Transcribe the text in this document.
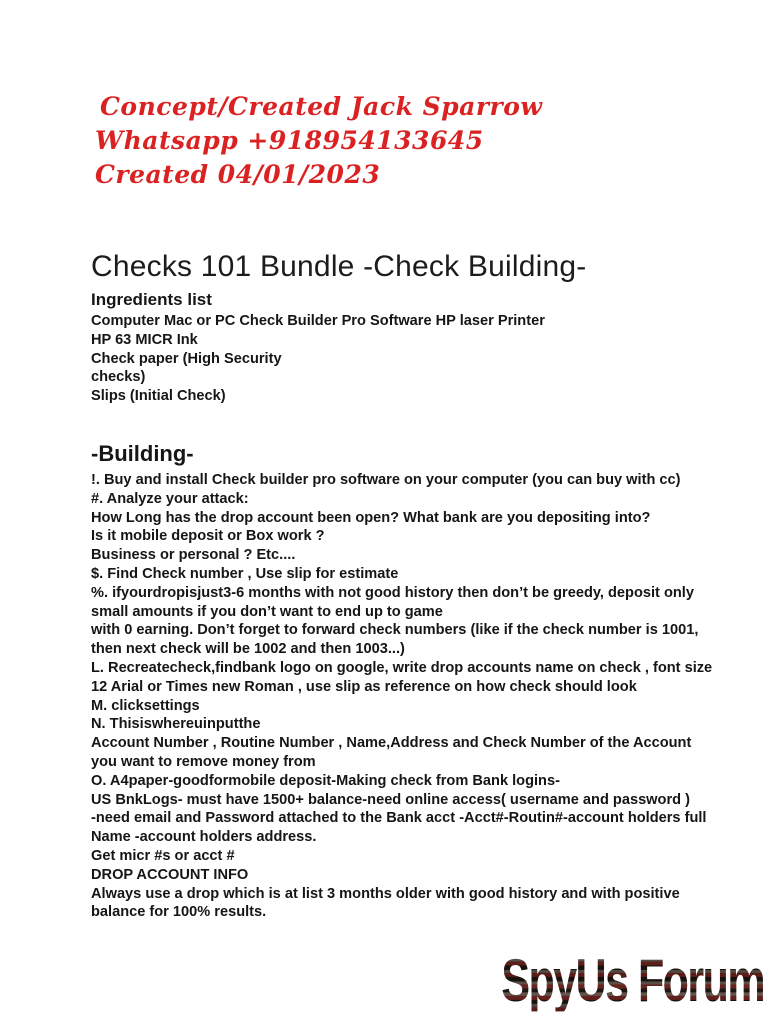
Concept/Created Jack Sparrow
Whatsapp +918954133645
Created 04/01/2023
Checks 101 Bundle -Check Building-
Ingredients list
Computer Mac or PC Check Builder Pro Software HP laser Printer
HP 63 MICR Ink
Check paper (High Security
checks)
Slips (Initial Check)
-Building-
!. Buy and install Check builder pro software on your computer (you can buy with cc)
#. Analyze your attack:
How Long has the drop account been open? What bank are you depositing into?
Is it mobile deposit or Box work ?
Business or personal ? Etc....
$. Find Check number , Use slip for estimate
%. ifyourdropisjust3-6 months with not good history then don’t be greedy, deposit only
small amounts if you don’t want to end up to game
with 0 earning. Don’t forget to forward check numbers (like if the check number is 1001,
then next check will be 1002 and then 1003...)
L. Recreatecheck,findbank logo on google, write drop accounts name on check , font size
12 Arial or Times new Roman , use slip as reference on how check should look
M. clicksettings
N. Thisiswhereuinputthe
Account Number , Routine Number , Name,Address and Check Number of the Account
you want to remove money from
O. A4paper-goodformobile deposit-Making check from Bank logins-
US BnkLogs- must have 1500+ balance-need online access( username and password )
-need email and Password attached to the Bank acct -Acct#-Routin#-account holders full
Name -account holders address.
Get micr #s or acct #
DROP ACCOUNT INFO
Always use a drop which is at list 3 months older with good history and with positive
balance for 100% results.
SpyUs Forum
